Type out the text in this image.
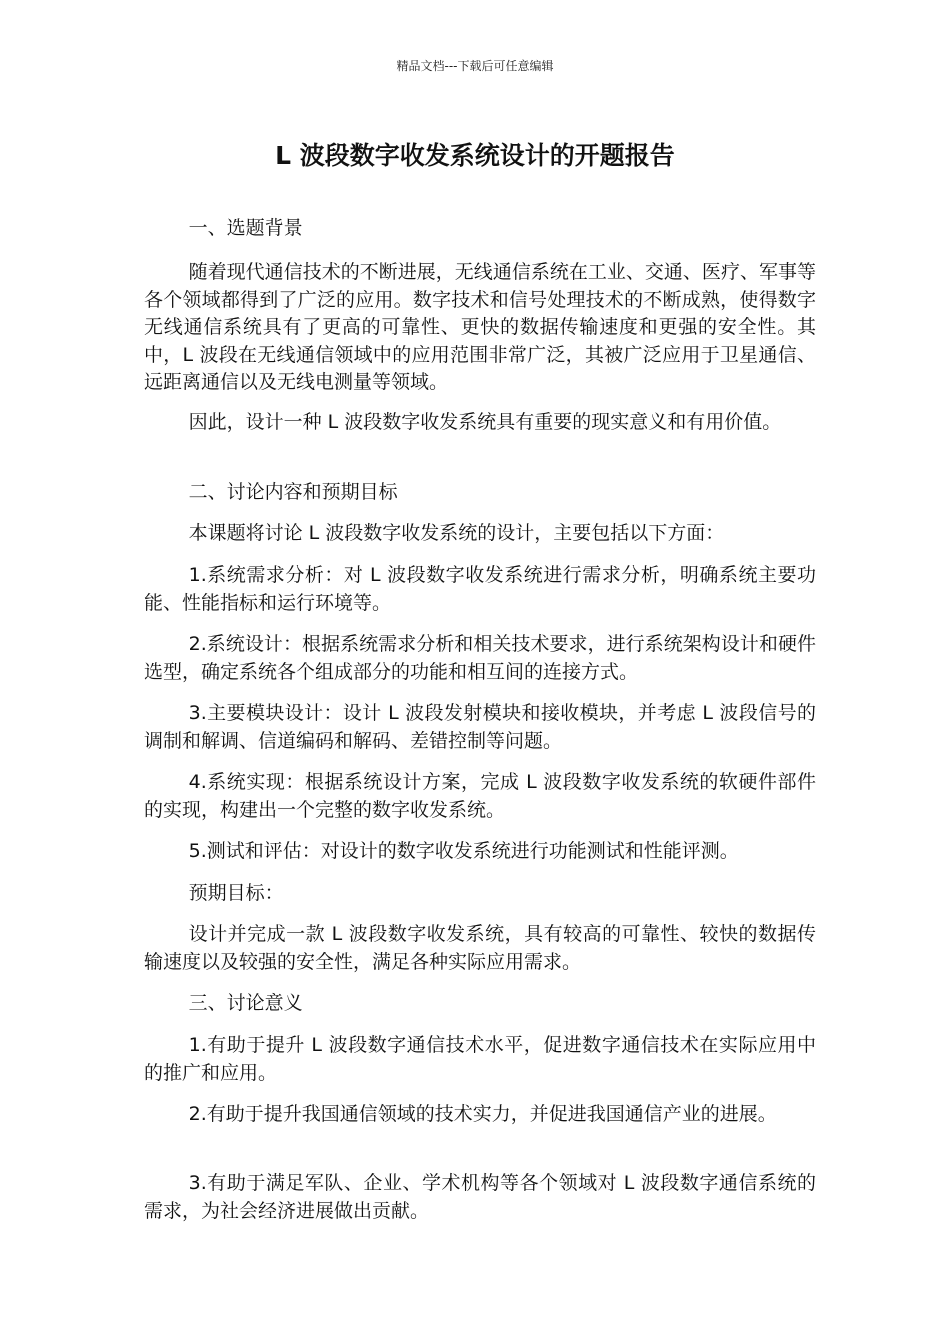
精品文档---下载后可任意编辑
L 波段数字收发系统设计的开题报告

一、选题背景

随着现代通信技术的不断进展，无线通信系统在工业、交通、医疗、军事等各个领域都得到了广泛的应用。数字技术和信号处理技术的不断成熟，使得数字无线通信系统具有了更高的可靠性、更快的数据传输速度和更强的安全性。其中，L 波段在无线通信领域中的应用范围非常广泛，其被广泛应用于卫星通信、远距离通信以及无线电测量等领域。

因此，设计一种 L 波段数字收发系统具有重要的现实意义和有用价值。

二、讨论内容和预期目标

本课题将讨论 L 波段数字收发系统的设计，主要包括以下方面：

1.系统需求分析：对 L 波段数字收发系统进行需求分析，明确系统主要功能、性能指标和运行环境等。

2.系统设计：根据系统需求分析和相关技术要求，进行系统架构设计和硬件选型，确定系统各个组成部分的功能和相互间的连接方式。

3.主要模块设计：设计 L 波段发射模块和接收模块，并考虑 L 波段信号的调制和解调、信道编码和解码、差错控制等问题。

4.系统实现：根据系统设计方案，完成 L 波段数字收发系统的软硬件部件的实现，构建出一个完整的数字收发系统。

5.测试和评估：对设计的数字收发系统进行功能测试和性能评测。

预期目标：

设计并完成一款 L 波段数字收发系统，具有较高的可靠性、较快的数据传输速度以及较强的安全性，满足各种实际应用需求。

三、讨论意义

1.有助于提升 L 波段数字通信技术水平，促进数字通信技术在实际应用中的推广和应用。

2.有助于提升我国通信领域的技术实力，并促进我国通信产业的进展。

3.有助于满足军队、企业、学术机构等各个领域对 L 波段数字通信系统的需求，为社会经济进展做出贡献。
